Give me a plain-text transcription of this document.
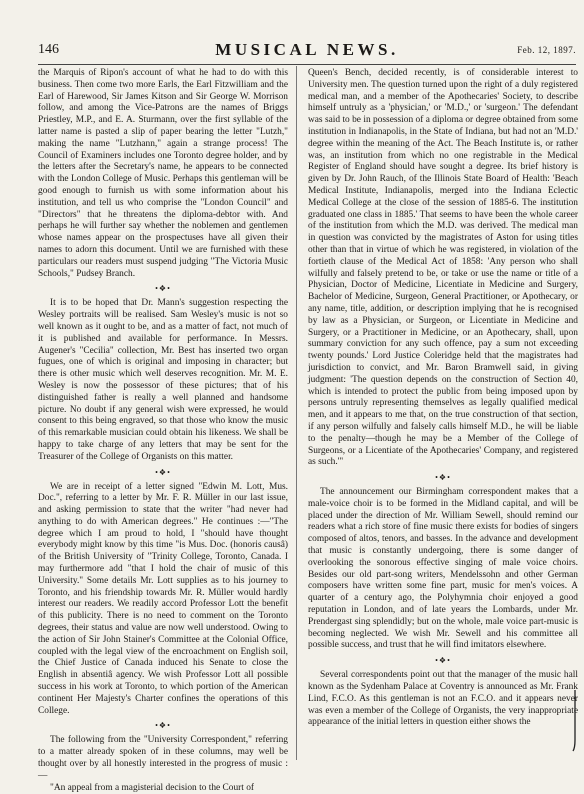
146	MUSICAL NEWS.	Feb. 12, 1897.

the Marquis of Ripon's account of what he had to do with this business. Then come two more Earls, the Earl Fitzwilliam and the Earl of Harewood, Sir James Kitson and Sir George W. Morrison follow, and among the Vice-Patrons are the names of Briggs Priestley, M.P., and E. A. Sturmann, over the first syllable of the latter name is pasted a slip of paper bearing the letter "Lutzh," making the name "Lutzhann," again a strange process! The Council of Examiners includes one Toronto degree holder, and by the letters after the Secretary's name, he appears to be connected with the London College of Music. Perhaps this gentleman will be good enough to furnish us with some information about his institution, and tell us who comprise the "London Council" and "Directors" that he threatens the diploma-debtor with. And perhaps he will further say whether the noblemen and gentlemen whose names appear on the prospectuses have all given their names to adorn this document. Until we are furnished with these particulars our readers must suspend judging "The Victoria Music Schools," Pudsey Branch.

•❖•

It is to be hoped that Dr. Mann's suggestion respecting the Wesley portraits will be realised. Sam Wesley's music is not so well known as it ought to be, and as a matter of fact, not much of it is published and available for performance. In Messrs. Augener's "Cecilia" collection, Mr. Best has inserted two organ fugues, one of which is original and imposing in character; but there is other music which well deserves recognition. Mr. M. E. Wesley is now the possessor of these pictures; that of his distinguished father is really a well planned and handsome picture. No doubt if any general wish were expressed, he would consent to this being engraved, so that those who know the music of this remarkable musician could obtain his likeness. We shall be happy to take charge of any letters that may be sent for the Treasurer of the College of Organists on this matter.

•❖•

We are in receipt of a letter signed "Edwin M. Lott, Mus. Doc.", referring to a letter by Mr. F. R. Müller in our last issue, and asking permission to state that the writer "had never had anything to do with American degrees." He continues :—"The degree which I am proud to hold, I "should have thought everybody might know by this time "is Mus. Doc. (honoris causâ) of the British University of "Trinity College, Toronto, Canada. I may furthermore add "that I hold the chair of music of this University." Some details Mr. Lott supplies as to his journey to Toronto, and his friendship towards Mr. R. Müller would hardly interest our readers. We readily accord Professor Lott the benefit of this publicity. There is no need to comment on the Toronto degrees, their status and value are now well understood. Owing to the action of Sir John Stainer's Committee at the Colonial Office, coupled with the legal view of the encroachment on English soil, the Chief Justice of Canada induced his Senate to close the English in absentiâ agency. We wish Professor Lott all possible success in his work at Toronto, to which portion of the American continent Her Majesty's Charter confines the operations of this College.

•❖•

The following from the "University Correspondent," referring to a matter already spoken of in these columns, may well be thought over by all honestly interested in the progress of music :—

"An appeal from a magisterial decision to the Court of

Queen's Bench, decided recently, is of considerable interest to University men. The question turned upon the right of a duly registered medical man, and a member of the Apothecaries' Society, to describe himself untruly as a 'physician,' or 'M.D.,' or 'surgeon.' The defendant was said to be in possession of a diploma or degree obtained from some institution in Indianapolis, in the State of Indiana, but had not an 'M.D.' degree within the meaning of the Act. The Beach Institute is, or rather was, an institution from which no one registrable in the Medical Register of England should have sought a degree. Its brief history is given by Dr. John Rauch, of the Illinois State Board of Health: 'Beach Medical Institute, Indianapolis, merged into the Indiana Eclectic Medical College at the close of the session of 1885-6. The institution graduated one class in 1885.' That seems to have been the whole career of the institution from which the M.D. was derived. The medical man in question was convicted by the magistrates of Aston for using titles other than that in virtue of which he was registered, in violation of the fortieth clause of the Medical Act of 1858: 'Any person who shall wilfully and falsely pretend to be, or take or use the name or title of a Physician, Doctor of Medicine, Licentiate in Medicine and Surgery, Bachelor of Medicine, Surgeon, General Practitioner, or Apothecary, or any name, title, addition, or description implying that he is recognised by law as a Physician, or Surgeon, or Licentiate in Medicine and Surgery, or a Practitioner in Medicine, or an Apothecary, shall, upon summary conviction for any such offence, pay a sum not exceeding twenty pounds.' Lord Justice Coleridge held that the magistrates had jurisdiction to convict, and Mr. Baron Bramwell said, in giving judgment: 'The question depends on the construction of Section 40, which is intended to protect the public from being imposed upon by persons untruly representing themselves as legally qualified medical men, and it appears to me that, on the true construction of that section, if any person wilfully and falsely calls himself M.D., he will be liable to the penalty—though he may be a Member of the College of Surgeons, or a Licentiate of the Apothecaries' Company, and registered as such.'"

•❖•

The announcement our Birmingham correspondent makes that a male-voice choir is to be formed in the Midland capital, and will be placed under the direction of Mr. William Sewell, should remind our readers what a rich store of fine music there exists for bodies of singers composed of altos, tenors, and basses. In the advance and development that music is constantly undergoing, there is some danger of overlooking the sonorous effective singing of male voice choirs. Besides our old part-song writers, Mendelssohn and other German composers have written some fine part, music for men's voices. A quarter of a century ago, the Polyhymnia choir enjoyed a good reputation in London, and of late years the Lombards, under Mr. Prendergast sing splendidly; but on the whole, male voice part-music is becoming neglected. We wish Mr. Sewell and his committee all possible success, and trust that he will find imitators elsewhere.

•❖•

Several correspondents point out that the manager of the music hall known as the Sydenham Palace at Coventry is announced as Mr. Frank Lind, F.C.O. As this gentleman is not an F.C.O. and it appears never was even a member of the College of Organists, the very inappropriate appearance of the initial letters in question either shows the
